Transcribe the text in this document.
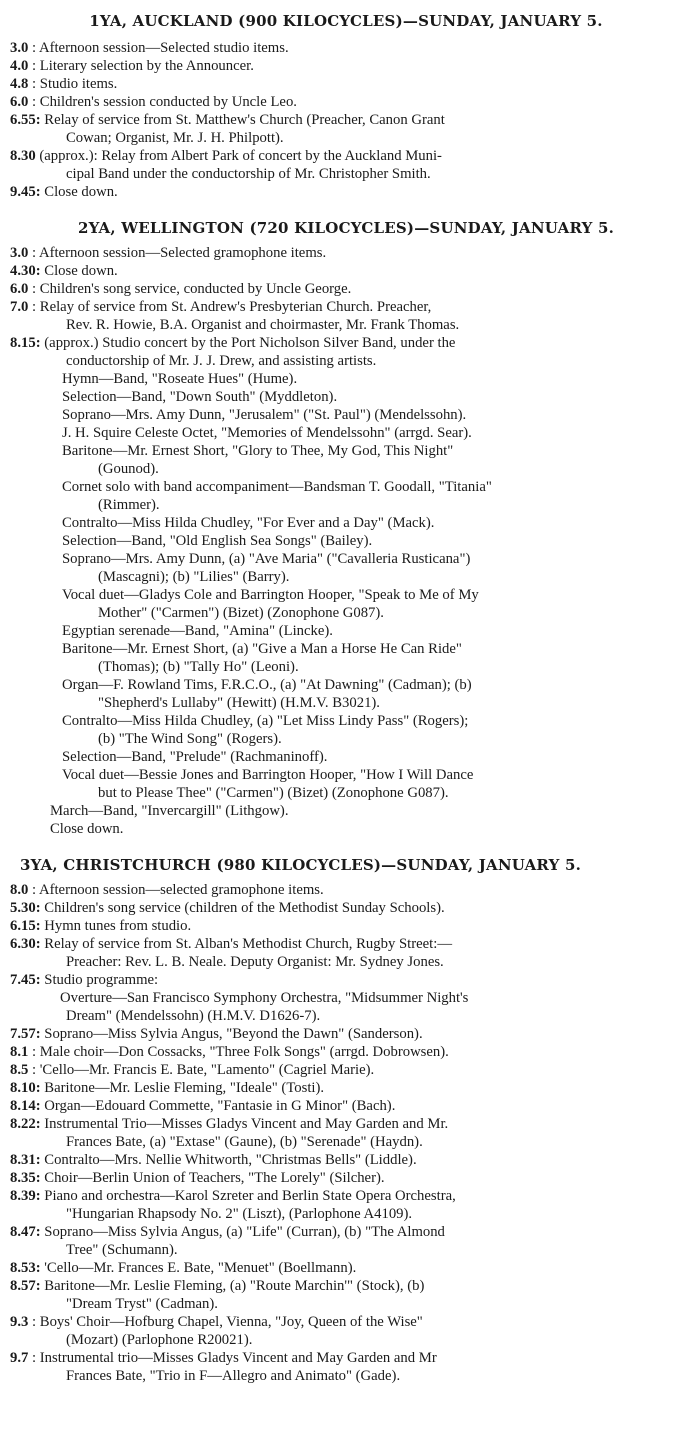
1YA, AUCKLAND (900 KILOCYCLES)—SUNDAY, JANUARY 5.
3.0
: Afternoon session—Selected studio items.
4.0
: Literary selection by the Announcer.
4.8
: Studio items.
6.0
: Children's session conducted by Uncle Leo.
6.55:
Relay of service from St. Matthew's Church (Preacher, Canon Grant
Cowan; Organist, Mr. J. H. Philpott).
8.30
(approx.): Relay from Albert Park of concert by the Auckland Muni-
cipal Band under the conductorship of Mr. Christopher Smith.
9.45:
Close down.
2YA, WELLINGTON (720 KILOCYCLES)—SUNDAY, JANUARY 5.
3.0
: Afternoon session—Selected gramophone items.
4.30:
Close down.
6.0
: Children's song service, conducted by Uncle George.
7.0
: Relay of service from St. Andrew's Presbyterian Church. Preacher,
Rev. R. Howie, B.A. Organist and choirmaster, Mr. Frank Thomas.
8.15:
(approx.) Studio concert by the Port Nicholson Silver Band, under the
conductorship of Mr. J. J. Drew, and assisting artists.
Hymn—Band, "Roseate Hues" (Hume).
Selection—Band, "Down South" (Myddleton).
Soprano—Mrs. Amy Dunn, "Jerusalem" ("St. Paul") (Mendelssohn).
J. H. Squire Celeste Octet, "Memories of Mendelssohn" (arrgd. Sear).
Baritone—Mr. Ernest Short, "Glory to Thee, My God, This Night"
(Gounod).
Cornet solo with band accompaniment—Bandsman T. Goodall, "Titania"
(Rimmer).
Contralto—Miss Hilda Chudley, "For Ever and a Day" (Mack).
Selection—Band, "Old English Sea Songs" (Bailey).
Soprano—Mrs. Amy Dunn, (a) "Ave Maria" ("Cavalleria Rusticana")
(Mascagni); (b) "Lilies" (Barry).
Vocal duet—Gladys Cole and Barrington Hooper, "Speak to Me of My
Mother" ("Carmen") (Bizet) (Zonophone G087).
Egyptian serenade—Band, "Amina" (Lincke).
Baritone—Mr. Ernest Short, (a) "Give a Man a Horse He Can Ride"
(Thomas); (b) "Tally Ho" (Leoni).
Organ—F. Rowland Tims, F.R.C.O., (a) "At Dawning" (Cadman); (b)
"Shepherd's Lullaby" (Hewitt) (H.M.V. B3021).
Contralto—Miss Hilda Chudley, (a) "Let Miss Lindy Pass" (Rogers);
(b) "The Wind Song" (Rogers).
Selection—Band, "Prelude" (Rachmaninoff).
Vocal duet—Bessie Jones and Barrington Hooper, "How I Will Dance
but to Please Thee" ("Carmen") (Bizet) (Zonophone G087).
March—Band, "Invercargill" (Lithgow).
Close down.
3YA, CHRISTCHURCH (980 KILOCYCLES)—SUNDAY, JANUARY 5.
8.0
: Afternoon session—selected gramophone items.
5.30:
Children's song service (children of the Methodist Sunday Schools).
6.15:
Hymn tunes from studio.
6.30:
Relay of service from St. Alban's Methodist Church, Rugby Street:—
Preacher: Rev. L. B. Neale. Deputy Organist: Mr. Sydney Jones.
7.45:
Studio programme:
Overture—San Francisco Symphony Orchestra, "Midsummer Night's
Dream" (Mendelssohn) (H.M.V. D1626-7).
7.57:
Soprano—Miss Sylvia Angus, "Beyond the Dawn" (Sanderson).
8.1
: Male choir—Don Cossacks, "Three Folk Songs" (arrgd. Dobrowsen).
8.5
: 'Cello—Mr. Francis E. Bate, "Lamento" (Cagriel Marie).
8.10:
Baritone—Mr. Leslie Fleming, "Ideale" (Tosti).
8.14:
Organ—Edouard Commette, "Fantasie in G Minor" (Bach).
8.22:
Instrumental Trio—Misses Gladys Vincent and May Garden and Mr.
Frances Bate, (a) "Extase" (Gaune), (b) "Serenade" (Haydn).
8.31:
Contralto—Mrs. Nellie Whitworth, "Christmas Bells" (Liddle).
8.35:
Choir—Berlin Union of Teachers, "The Lorely" (Silcher).
8.39:
Piano and orchestra—Karol Szreter and Berlin State Opera Orchestra,
"Hungarian Rhapsody No. 2" (Liszt), (Parlophone A4109).
8.47:
Soprano—Miss Sylvia Angus, (a) "Life" (Curran), (b) "The Almond
Tree" (Schumann).
8.53:
'Cello—Mr. Frances E. Bate, "Menuet" (Boellmann).
8.57:
Baritone—Mr. Leslie Fleming, (a) "Route Marchin'" (Stock), (b)
"Dream Tryst" (Cadman).
9.3
: Boys' Choir—Hofburg Chapel, Vienna, "Joy, Queen of the Wise"
(Mozart) (Parlophone R20021).
9.7
: Instrumental trio—Misses Gladys Vincent and May Garden and Mr
Frances Bate, "Trio in F—Allegro and Animato" (Gade).
